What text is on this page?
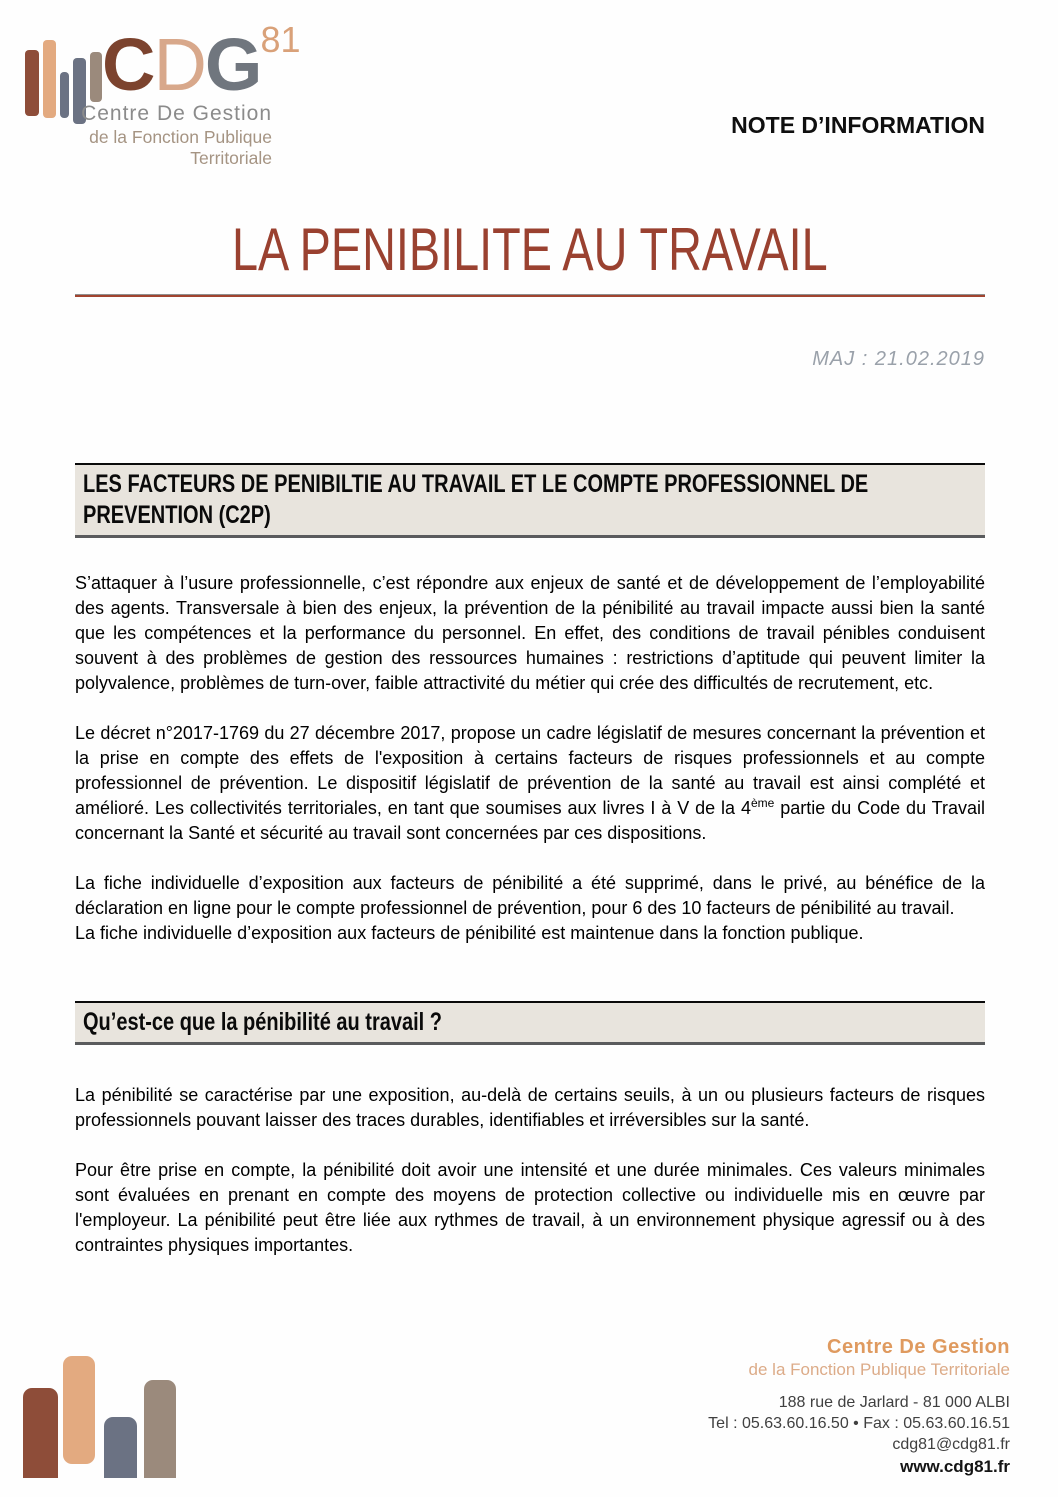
CDG$^{81}$
Centre De Gestion
de la Fonction Publique Territoriale
NOTE D’INFORMATION
LA PENIBILITE AU TRAVAIL
MAJ : 21.02.2019
LES FACTEURS DE PENIBILTIE AU TRAVAIL ET LE COMPTE PROFESSIONNEL DE PREVENTION (C2P)

S’attaquer à l’usure professionnelle, c’est répondre aux enjeux de santé et de développement de l’employabilité des agents. Transversale à bien des enjeux, la prévention de la pénibilité au travail impacte aussi bien la santé que les compétences et la performance du personnel. En effet, des conditions de travail pénibles conduisent souvent à des problèmes de gestion des ressources humaines : restrictions d’aptitude qui peuvent limiter la polyvalence, problèmes de turn-over, faible attractivité du métier qui crée des difficultés de recrutement, etc.

Le décret n°2017-1769 du 27 décembre 2017, propose un cadre législatif de mesures concernant la prévention et la prise en compte des effets de l'exposition à certains facteurs de risques professionnels et au compte professionnel de prévention. Le dispositif législatif de prévention de la santé au travail est ainsi complété et amélioré. Les collectivités territoriales, en tant que soumises aux livres I à V de la 4ème partie du Code du Travail concernant la Santé et sécurité au travail sont concernées par ces dispositions.

La fiche individuelle d’exposition aux facteurs de pénibilité a été supprimé, dans le privé, au bénéfice de la déclaration en ligne pour le compte professionnel de prévention, pour 6 des 10 facteurs de pénibilité au travail.

La fiche individuelle d’exposition aux facteurs de pénibilité est maintenue dans la fonction publique.

Qu’est-ce que la pénibilité au travail ?

La pénibilité se caractérise par une exposition, au-delà de certains seuils, à un ou plusieurs facteurs de risques professionnels pouvant laisser des traces durables, identifiables et irréversibles sur la santé.

Pour être prise en compte, la pénibilité doit avoir une intensité et une durée minimales. Ces valeurs minimales sont évaluées en prenant en compte des moyens de protection collective ou individuelle mis en œuvre par l'employeur. La pénibilité peut être liée aux rythmes de travail, à un environnement physique agressif ou à des contraintes physiques importantes.

Centre De Gestion
de la Fonction Publique Territoriale
188 rue de Jarlard - 81 000 ALBI
Tel : 05.63.60.16.50 • Fax : 05.63.60.16.51
cdg81@cdg81.fr
www.cdg81.fr
